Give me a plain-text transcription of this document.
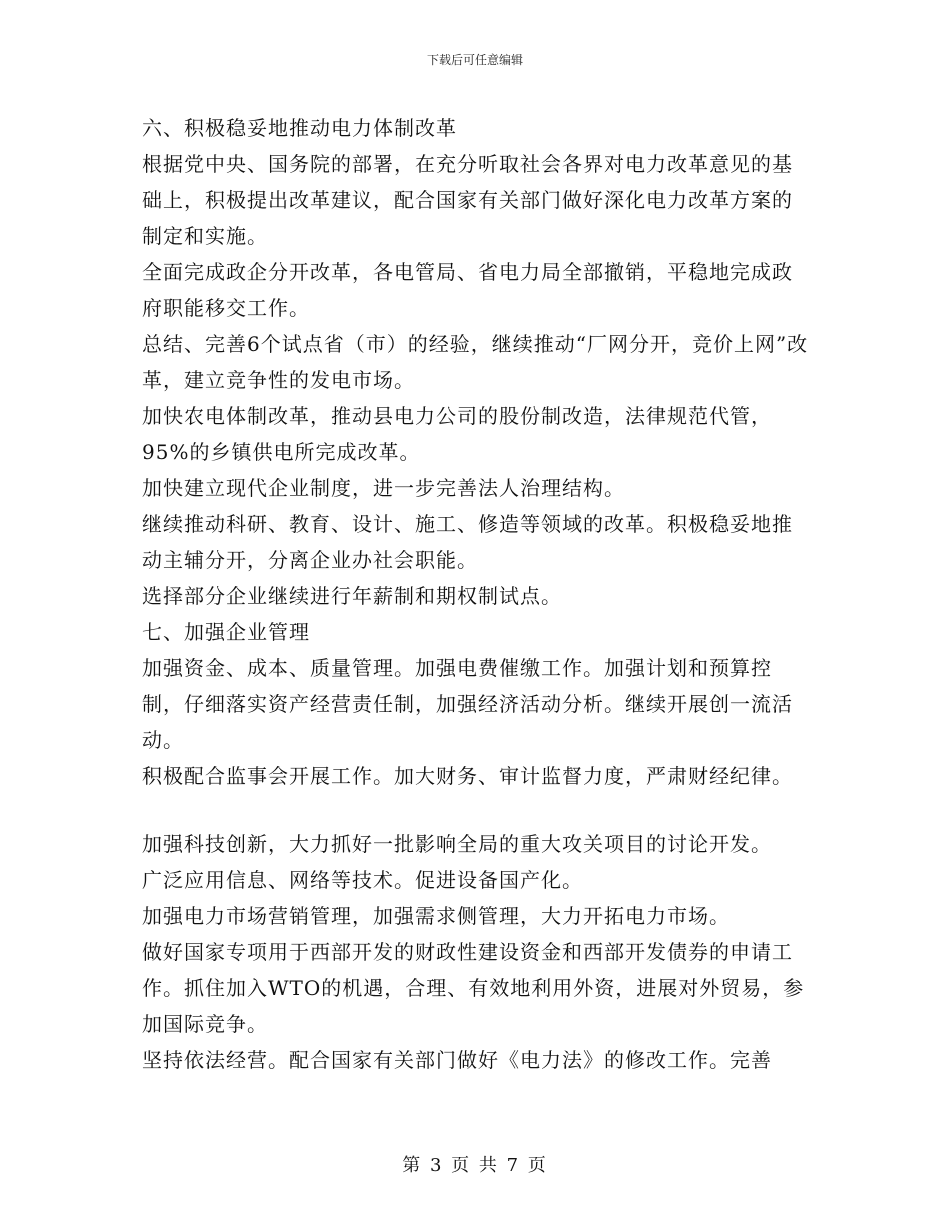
下载后可任意编辑

六、积极稳妥地推动电力体制改革

根据党中央、国务院的部署，在充分听取社会各界对电力改革意见的基础上，积极提出改革建议，配合国家有关部门做好深化电力改革方案的制定和实施。

全面完成政企分开改革，各电管局、省电力局全部撤销，平稳地完成政府职能移交工作。

总结、完善6个试点省（市）的经验，继续推动“厂网分开，竞价上网”改革，建立竞争性的发电市场。

加快农电体制改革，推动县电力公司的股份制改造，法律规范代管，95%的乡镇供电所完成改革。

加快建立现代企业制度，进一步完善法人治理结构。

继续推动科研、教育、设计、施工、修造等领域的改革。积极稳妥地推动主辅分开，分离企业办社会职能。

选择部分企业继续进行年薪制和期权制试点。

七、加强企业管理

加强资金、成本、质量管理。加强电费催缴工作。加强计划和预算控制，仔细落实资产经营责任制，加强经济活动分析。继续开展创一流活动。

积极配合监事会开展工作。加大财务、审计监督力度，严肃财经纪律。

加强科技创新，大力抓好一批影响全局的重大攻关项目的讨论开发。

广泛应用信息、网络等技术。促进设备国产化。

加强电力市场营销管理，加强需求侧管理，大力开拓电力市场。

做好国家专项用于西部开发的财政性建设资金和西部开发债券的申请工作。抓住加入WTO的机遇，合理、有效地利用外资，进展对外贸易，参加国际竞争。

坚持依法经营。配合国家有关部门做好《电力法》的修改工作。完善

第 3 页 共 7 页
